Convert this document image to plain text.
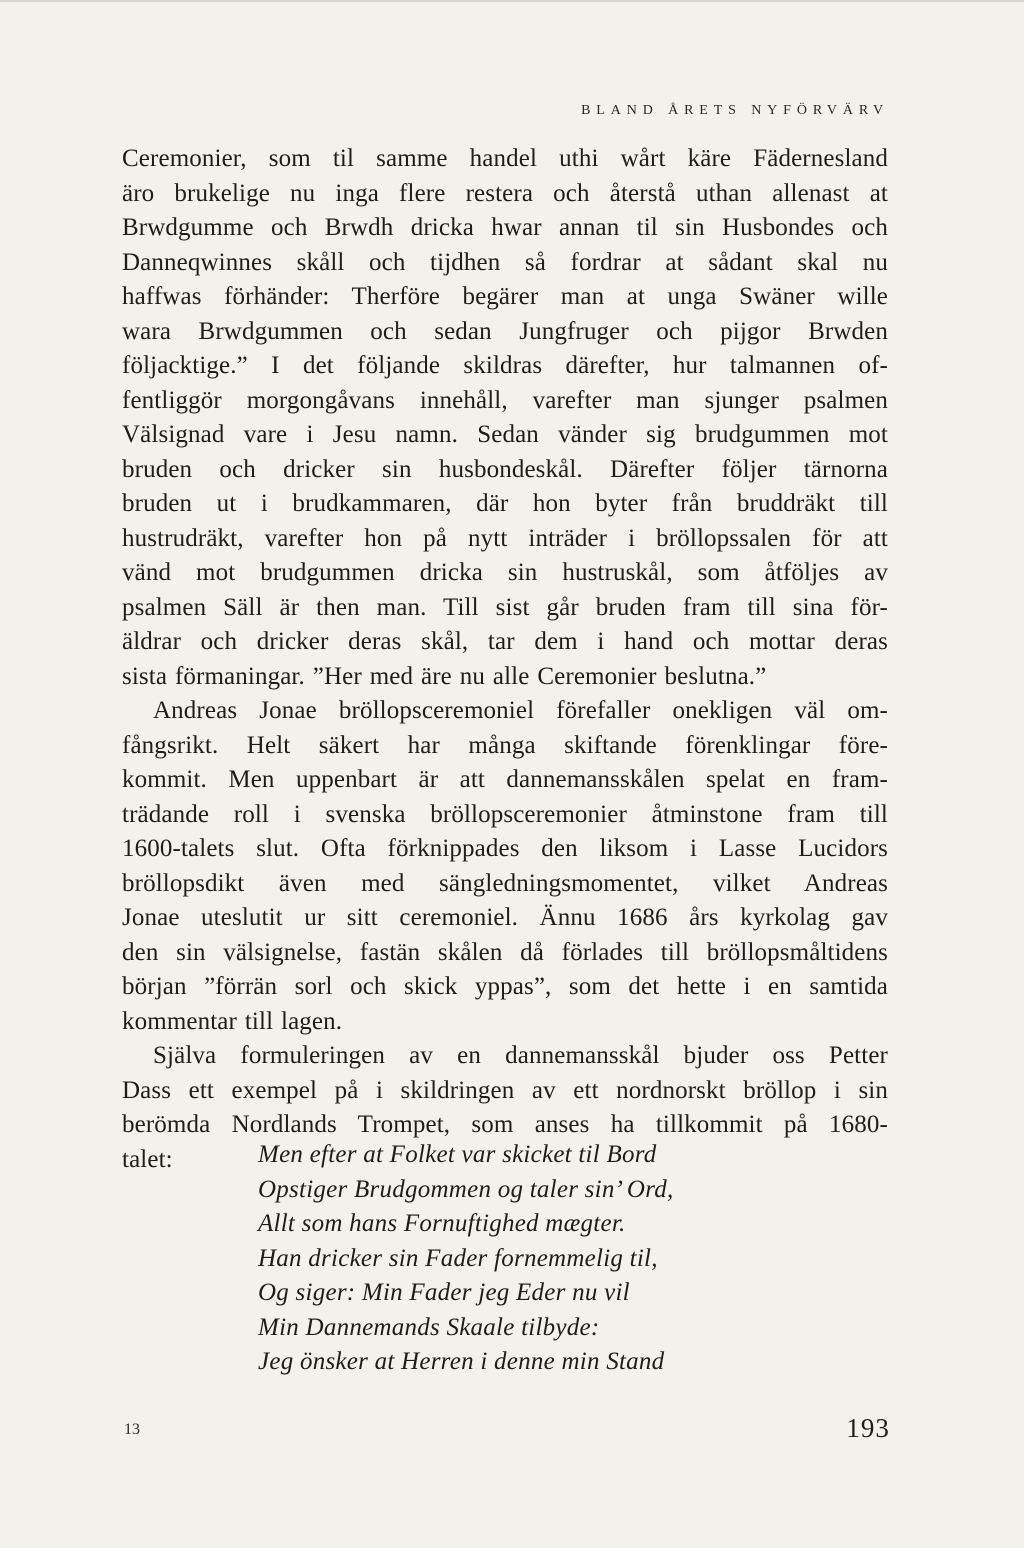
BLAND ÅRETS NYFÖRVÄRV

Ceremonier, som til samme handel uthi wårt käre Fädernesland

äro brukelige nu inga flere restera och återstå uthan allenast at

Brwdgumme och Brwdh dricka hwar annan til sin Husbondes och

Danneqwinnes skåll och tijdhen så fordrar at sådant skal nu

haffwas förhänder: Therföre begärer man at unga Swäner wille

wara Brwdgummen och sedan Jungfruger och pijgor Brwden

följacktige.” I det följande skildras därefter, hur talmannen of-

fentliggör morgongåvans innehåll, varefter man sjunger psalmen

Välsignad vare i Jesu namn. Sedan vänder sig brudgummen mot

bruden och dricker sin husbondeskål. Därefter följer tärnorna

bruden ut i brudkammaren, där hon byter från bruddräkt till

hustrudräkt, varefter hon på nytt inträder i bröllopssalen för att

vänd mot brudgummen dricka sin hustruskål, som åtföljes av

psalmen Säll är then man. Till sist går bruden fram till sina för-

äldrar och dricker deras skål, tar dem i hand och mottar deras

sista förmaningar. ”Her med äre nu alle Ceremonier beslutna.”

Andreas Jonae bröllopsceremoniel förefaller onekligen väl om-

fångsrikt. Helt säkert har många skiftande förenklingar före-

kommit. Men uppenbart är att dannemansskålen spelat en fram-

trädande roll i svenska bröllopsceremonier åtminstone fram till

1600-talets slut. Ofta förknippades den liksom i Lasse Lucidors

bröllopsdikt även med sängledningsmomentet, vilket Andreas

Jonae uteslutit ur sitt ceremoniel. Ännu 1686 års kyrkolag gav

den sin välsignelse, fastän skålen då förlades till bröllopsmåltidens

början ”förrän sorl och skick yppas”, som det hette i en samtida

kommentar till lagen.

Själva formuleringen av en dannemansskål bjuder oss Petter

Dass ett exempel på i skildringen av ett nordnorskt bröllop i sin

berömda Nordlands Trompet, som anses ha tillkommit på 1680-

talet:	Men efter at Folket var skicket til Bord
Opstiger Brudgommen og taler sin’ Ord,
Allt som hans Fornuftighed mægter.
Han dricker sin Fader fornemmelig til,
Og siger: Min Fader jeg Eder nu vil
Min Dannemands Skaale tilbyde:
Jeg önsker at Herren i denne min Stand
13	193
